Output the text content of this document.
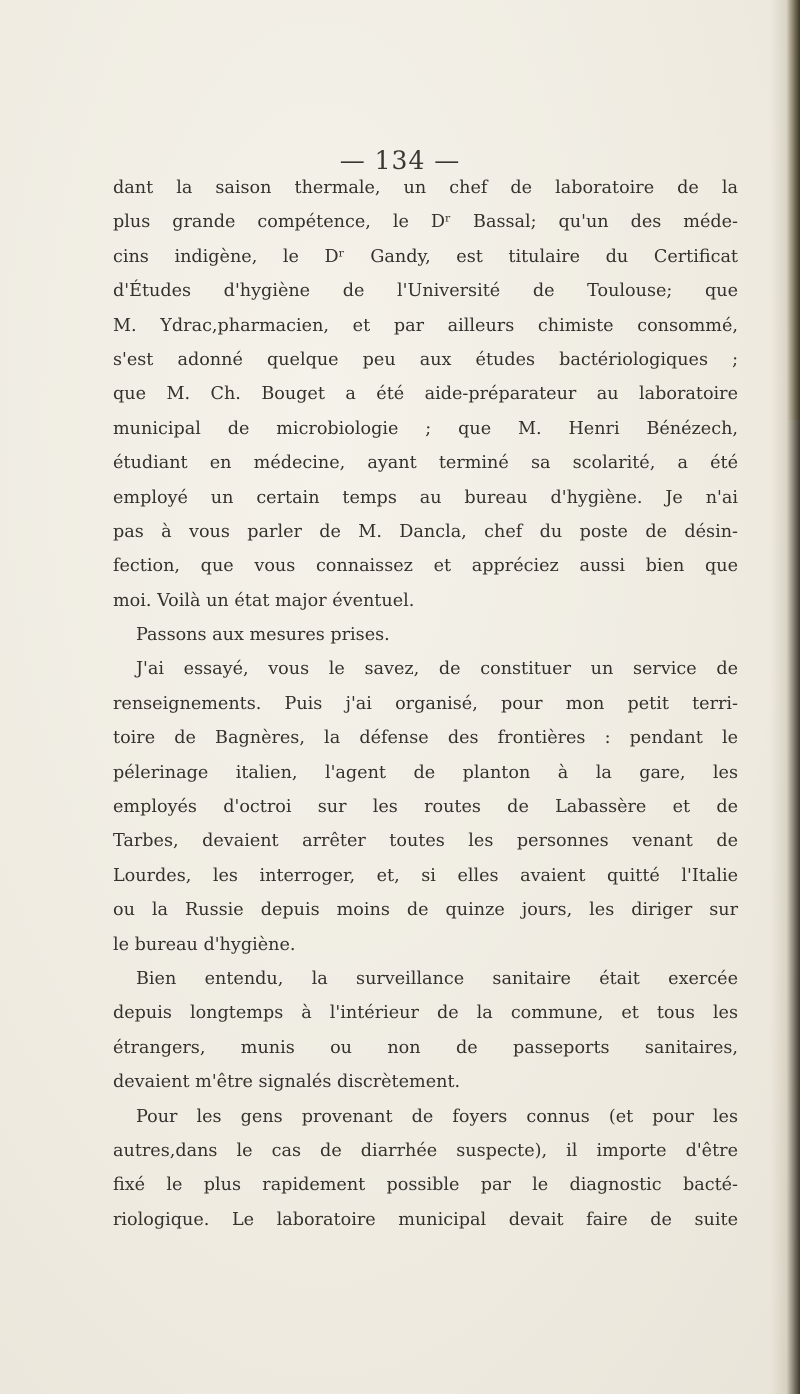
— 134 —
dant la saison thermale, un chef de laboratoire de la
plus grande compétence, le Dʳ Bassal; qu'un des méde-
cins indigène, le Dʳ Gandy, est titulaire du Certificat
d'Études d'hygiène de l'Université de Toulouse; que
M. Ydrac,pharmacien, et par ailleurs chimiste consommé,
s'est adonné quelque peu aux études bactériologiques ;
que M. Ch. Bouget a été aide-préparateur au laboratoire
municipal de microbiologie ; que M. Henri Bénézech,
étudiant en médecine, ayant terminé sa scolarité, a été
employé un certain temps au bureau d'hygiène. Je n'ai
pas à vous parler de M. Dancla, chef du poste de désin-
fection, que vous connaissez et appréciez aussi bien que
moi. Voilà un état major éventuel.
Passons aux mesures prises.
J'ai essayé, vous le savez, de constituer un service de
renseignements. Puis j'ai organisé, pour mon petit terri-
toire de Bagnères, la défense des frontières : pendant le
pélerinage italien, l'agent de planton à la gare, les
employés d'octroi sur les routes de Labassère et de
Tarbes, devaient arrêter toutes les personnes venant de
Lourdes, les interroger, et, si elles avaient quitté l'Italie
ou la Russie depuis moins de quinze jours, les diriger sur
le bureau d'hygiène.
Bien entendu, la surveillance sanitaire était exercée
depuis longtemps à l'intérieur de la commune, et tous les
étrangers, munis ou non de passeports sanitaires,
devaient m'être signalés discrètement.
Pour les gens provenant de foyers connus (et pour les
autres,dans le cas de diarrhée suspecte), il importe d'être
fixé le plus rapidement possible par le diagnostic bacté-
riologique. Le laboratoire municipal devait faire de suite
